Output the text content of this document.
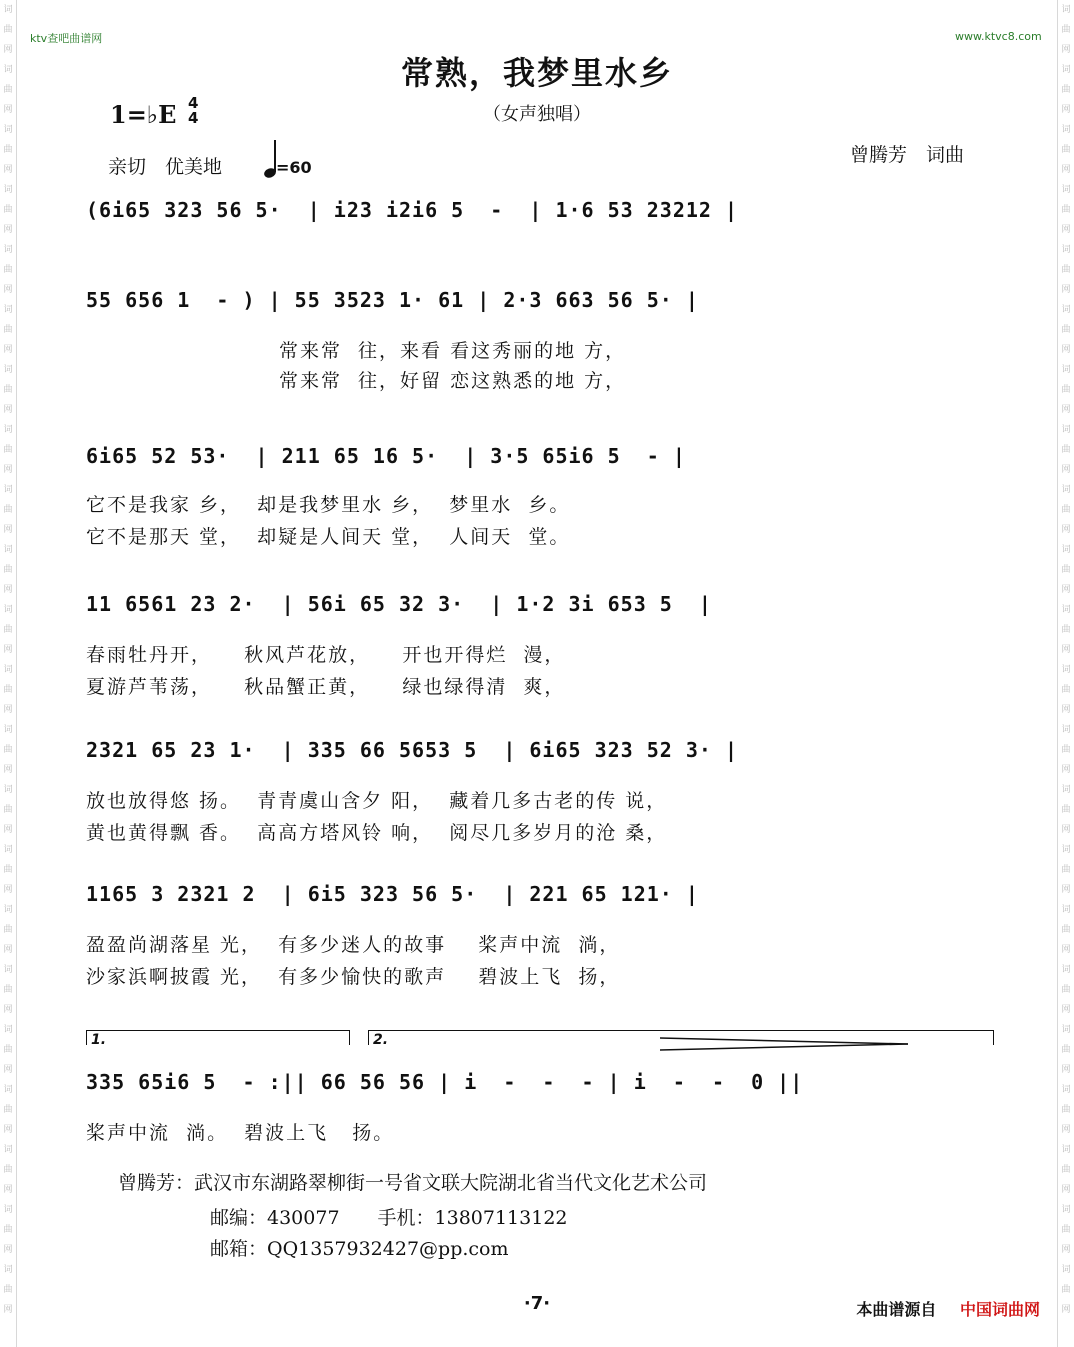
词
曲
网
词
曲
网
词
曲
网
词
曲
网
词
曲
网
词
曲
网
词
曲
网
词
曲
网
词
曲
网
词
曲
网
词
曲
网
词
曲
网
词
曲
网
词
曲
网
词
曲
网
词
曲
网
词
曲
网
词
曲
网
词
曲
网
词
曲
网
词
曲
网
词
曲
网
词
曲
网
词
曲
网
词
曲
网
词
曲
网
词
曲
网
词
曲
网
词
曲
网
词
曲
网
词
曲
网
词
曲
网
词
曲
网
词
曲
网
词
曲
网
词
曲
网
词
曲
网
词
曲
网
词
曲
网
词
曲
网
词
曲
网
词
曲
网
词
曲
网
词
曲
网
ktv查吧曲谱网	www.ktvc8.com
常熟，我梦里水乡
（女声独唱）
1=♭E 4
4
亲切　优美地	=60
曾腾芳　词曲
(6i65 323 56 5·  | i23 i2i6 5  -  | 1·6 53 23212 |
55 656 1  - ) | 55 3523 1· 61 | 2·3 663 56 5· |
常来常  往，来看 看这秀丽的地 方，
常来常  往，好留 恋这熟悉的地 方，
6i65 52 53·  | 211 65 16 5·  | 3·5 65i6 5  - |
它不是我家 乡，  却是我梦里水 乡，  梦里水  乡。
它不是那天 堂，  却疑是人间天 堂，  人间天  堂。
11 6561 23 2·  | 56i 65 32 3·  | 1·2 3i 653 5  |
春雨牡丹开，    秋风芦花放，    开也开得烂  漫，
夏游芦苇荡，    秋品蟹正黄，    绿也绿得清  爽，
2321 65 23 1·  | 335 66 5653 5  | 6i65 323 52 3· |
放也放得悠 扬。  青青虞山含夕 阳，  藏着几多古老的传 说，
黄也黄得飘 香。  高高方塔风铃 响，  阅尽几多岁月的沧 桑，
1165 3 2321 2  | 6i5 323 56 5·  | 221 65 121· |
盈盈尚湖落星 光，  有多少迷人的故事    桨声中流  淌，
沙家浜啊披霞 光，  有多少愉快的歌声    碧波上飞  扬，
335 65i6 5  - :|| 66 56 56 | i  -  -  - | i  -  -  0 ||
桨声中流  淌。  碧波上飞   扬。
1.	2.
曾腾芳：武汉市东湖路翠柳街一号省文联大院湖北省当代文化艺术公司
邮编：430077　　手机：13807113122
邮箱：QQ1357932427@pp.com
·7·	本曲谱源自 中国词曲网
